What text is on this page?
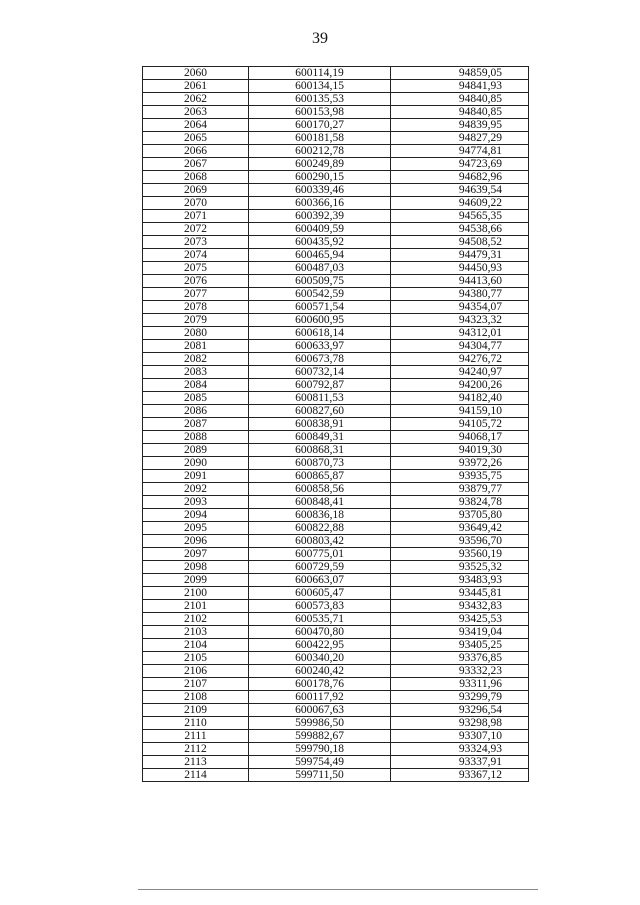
39
2060	600114,19	94859,05
2061	600134,15	94841,93
2062	600135,53	94840,85
2063	600153,98	94840,85
2064	600170,27	94839,95
2065	600181,58	94827,29
2066	600212,78	94774,81
2067	600249,89	94723,69
2068	600290,15	94682,96
2069	600339,46	94639,54
2070	600366,16	94609,22
2071	600392,39	94565,35
2072	600409,59	94538,66
2073	600435,92	94508,52
2074	600465,94	94479,31
2075	600487,03	94450,93
2076	600509,75	94413,60
2077	600542,59	94380,77
2078	600571,54	94354,07
2079	600600,95	94323,32
2080	600618,14	94312,01
2081	600633,97	94304,77
2082	600673,78	94276,72
2083	600732,14	94240,97
2084	600792,87	94200,26
2085	600811,53	94182,40
2086	600827,60	94159,10
2087	600838,91	94105,72
2088	600849,31	94068,17
2089	600868,31	94019,30
2090	600870,73	93972,26
2091	600865,87	93935,75
2092	600858,56	93879,77
2093	600848,41	93824,78
2094	600836,18	93705,80
2095	600822,88	93649,42
2096	600803,42	93596,70
2097	600775,01	93560,19
2098	600729,59	93525,32
2099	600663,07	93483,93
2100	600605,47	93445,81
2101	600573,83	93432,83
2102	600535,71	93425,53
2103	600470,80	93419,04
2104	600422,95	93405,25
2105	600340,20	93376,85
2106	600240,42	93332,23
2107	600178,76	93311,96
2108	600117,92	93299,79
2109	600067,63	93296,54
2110	599986,50	93298,98
2111	599882,67	93307,10
2112	599790,18	93324,93
2113	599754,49	93337,91
2114	599711,50	93367,12
